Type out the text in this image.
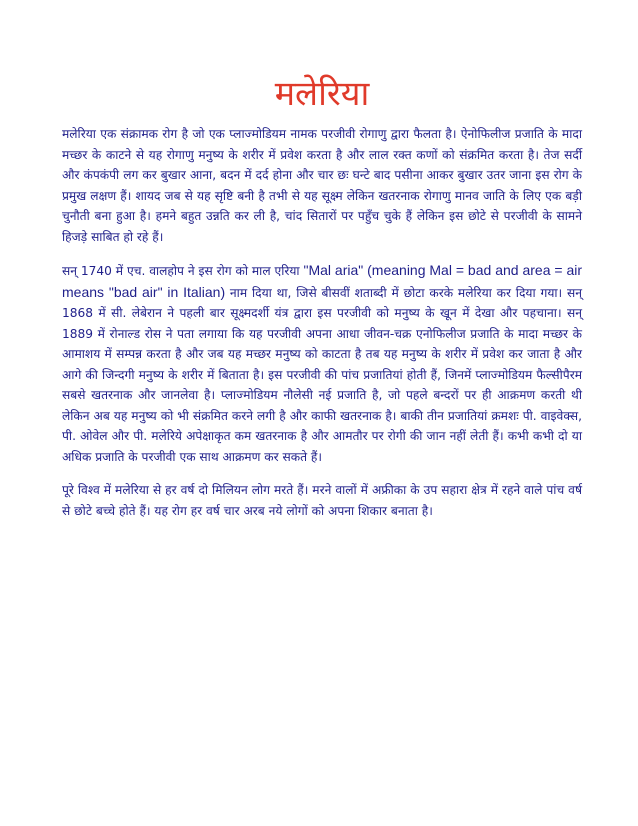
मलेरिया

मलेरिया एक संक्रामक रोग है जो एक प्लाज्मोडियम नामक परजीवी रोगाणु द्वारा फैलता है। ऐनोफिलीज प्रजाति के मादा मच्छर के काटने से यह रोगाणु मनुष्य के शरीर में प्रवेश करता है और लाल रक्त कणों को संक्रमित करता है। तेज सर्दी और कंपकंपी लग कर बुखार आना, बदन में दर्द होना और चार छः घन्टे बाद पसीना आकर बुखार उतर जाना इस रोग के प्रमुख लक्षण हैं। शायद जब से यह सृष्टि बनी है तभी से यह सूक्ष्म लेकिन खतरनाक रोगाणु मानव जाति के लिए एक बड़ी चुनौती बना हुआ है। हमने बहुत उन्नति कर ली है, चांद सितारों पर पहुँच चुके हैं लेकिन इस छोटे से परजीवी के सामने हिजड़े साबित हो रहे हैं।

सन् 1740 में एच. वालहोप ने इस रोग को माल एरिया "Mal aria" (meaning Mal = bad and area = air means "bad air" in Italian) नाम दिया था, जिसे बीसवीं शताब्दी में छोटा करके मलेरिया कर दिया गया। सन् 1868 में सी. लेबेरान ने पहली बार सूक्ष्मदर्शी यंत्र द्वारा इस परजीवी को मनुष्य के खून में देखा और पहचाना। सन् 1889 में रोनाल्ड रोस ने पता लगाया कि यह परजीवी अपना आधा जीवन-चक्र एनोफिलीज प्रजाति के मादा मच्छर के आमाशय में सम्पन्न करता है और जब यह मच्छर मनुष्य को काटता है तब यह मनुष्य के शरीर में प्रवेश कर जाता है और आगे की जिन्दगी मनुष्य के शरीर में बिताता है। इस परजीवी की पांच प्रजातियां होती हैं, जिनमें प्लाज्मोडियम फैल्सीपैरम सबसे खतरनाक और जानलेवा है। प्लाज्मोडियम नौलेसी नई प्रजाति है, जो पहले बन्दरों पर ही आक्रमण करती थी लेकिन अब यह मनुष्य को भी संक्रमित करने लगी है और काफी खतरनाक है। बाकी तीन प्रजातियां क्रमशः पी. वाइवेक्स, पी. ओवेल और पी. मलेरिये अपेक्षाकृत कम खतरनाक है और आमतौर पर रोगी की जान नहीं लेती हैं। कभी कभी दो या अधिक प्रजाति के परजीवी एक साथ आक्रमण कर सकते हैं।

पूरे विश्व में मलेरिया से हर वर्ष दो मिलियन लोग मरते हैं। मरने वालों में अफ्रीका के उप सहारा क्षेत्र में रहने वाले पांच वर्ष से छोटे बच्चे होते हैं। यह रोग हर वर्ष चार अरब नये लोगों को अपना शिकार बनाता है।
